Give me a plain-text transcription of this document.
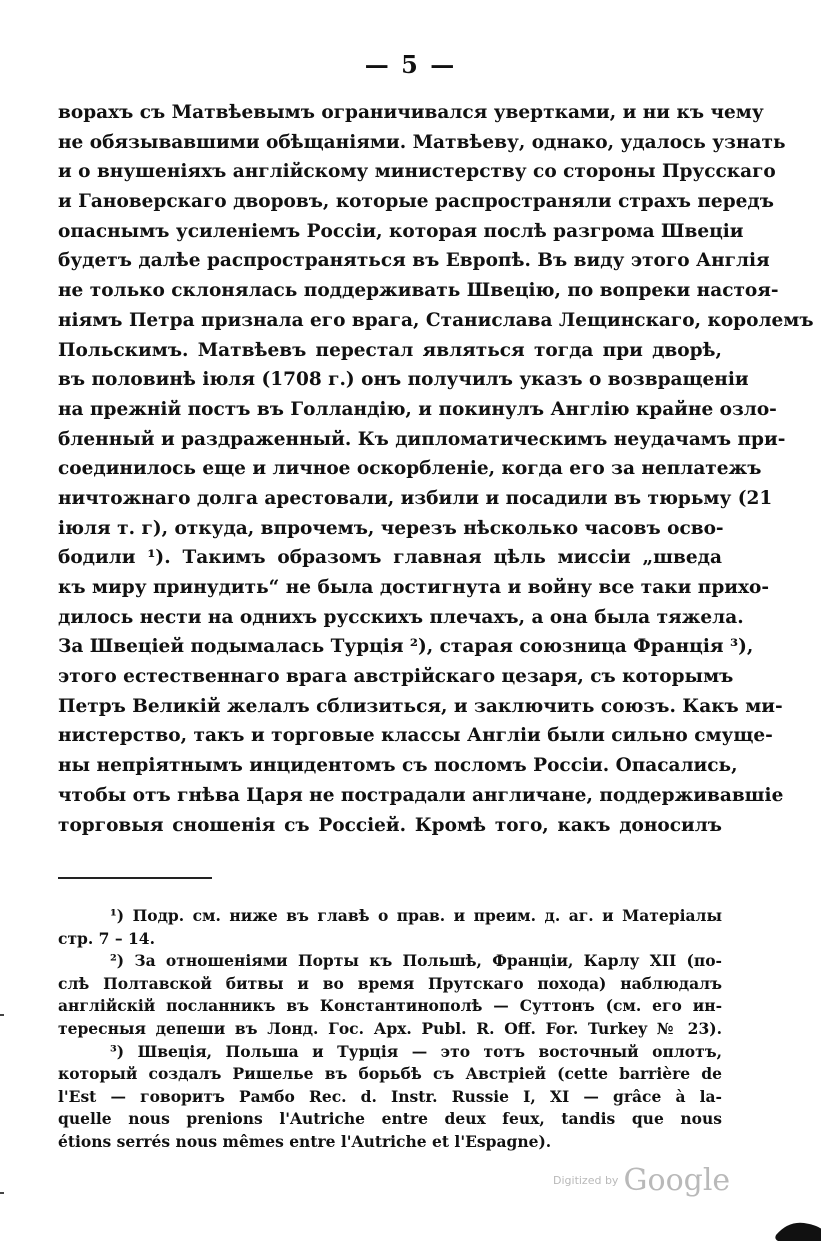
— 5 —
ворахъ съ Матвѣевымъ ограничивался увертками, и ни къ чему
не обязывавшими обѣщаніями. Матвѣеву, однако, удалось узнать
и о внушеніяхъ англійскому министерству со стороны Прусскаго
и Гановерскаго дворовъ, которые распространяли страхъ передъ
опаснымъ усиленіемъ Россіи, которая послѣ разгрома Швеціи
будетъ далѣе распространяться въ Европѣ. Въ виду этого Англія
не только склонялась поддерживать Швецію, по вопреки настоя-
ніямъ Петра признала его врага, Станислава Лещинскаго, королемъ
Польскимъ. Матвѣевъ перестал являться тогда при дворѣ,
въ половинѣ іюля (1708 г.) онъ получилъ указъ о возвращеніи
на прежній постъ въ Голландію, и покинулъ Англію крайне озло-
бленный и раздраженный. Къ дипломатическимъ неудачамъ при-
соединилось еще и личное оскорбленіе, когда его за неплатежъ
ничтожнаго долга арестовали, избили и посадили въ тюрьму (21
іюля т. г), откуда, впрочемъ, черезъ нѣсколько часовъ осво-
бодили ¹). Такимъ образомъ главная цѣль миссіи „шведа
къ миру принудить“ не была достигнута и войну все таки прихо-
дилось нести на однихъ русскихъ плечахъ, а она была тяжела.
За Швеціей подымалась Турція ²), старая союзница Франція ³),
этого естественнаго врага австрійскаго цезаря, съ которымъ
Петръ Великій желалъ сблизиться, и заключить союзъ. Какъ ми-
нистерство, такъ и торговые классы Англіи были сильно смуще-
ны непріятнымъ инцидентомъ съ посломъ Россіи. Опасались,
чтобы отъ гнѣва Царя не пострадали англичане, поддерживавшіе
торговыя сношенія съ Россіей. Кромѣ того, какъ доносилъ
¹) Подр. см. ниже въ главѣ о прав. и преим. д. аг. и Матеріалы
стр. 7 – 14.
²) За отношеніями Порты къ Польшѣ, Франціи, Карлу XII (по-
слѣ Полтавской битвы и во время Прутскаго похода) наблюдалъ
англійскій посланникъ въ Константинополѣ — Суттонъ (см. его ин-
тересныя депеши въ Лонд. Гос. Арх. Publ. R. Off. For. Turkey № 23).
³) Швеція, Польша и Турція — это тотъ восточный оплотъ,
который создалъ Ришелье въ борьбѣ съ Австріей (cette barrière de
l'Est — говоритъ Рамбо Rec. d. Instr. Russie I, XI — grâce à la-
quelle nous prenions l'Autriche entre deux feux, tandis que nous
étions serrés nous mêmes entre l'Autriche et l'Espagne).
Digitized by Google
